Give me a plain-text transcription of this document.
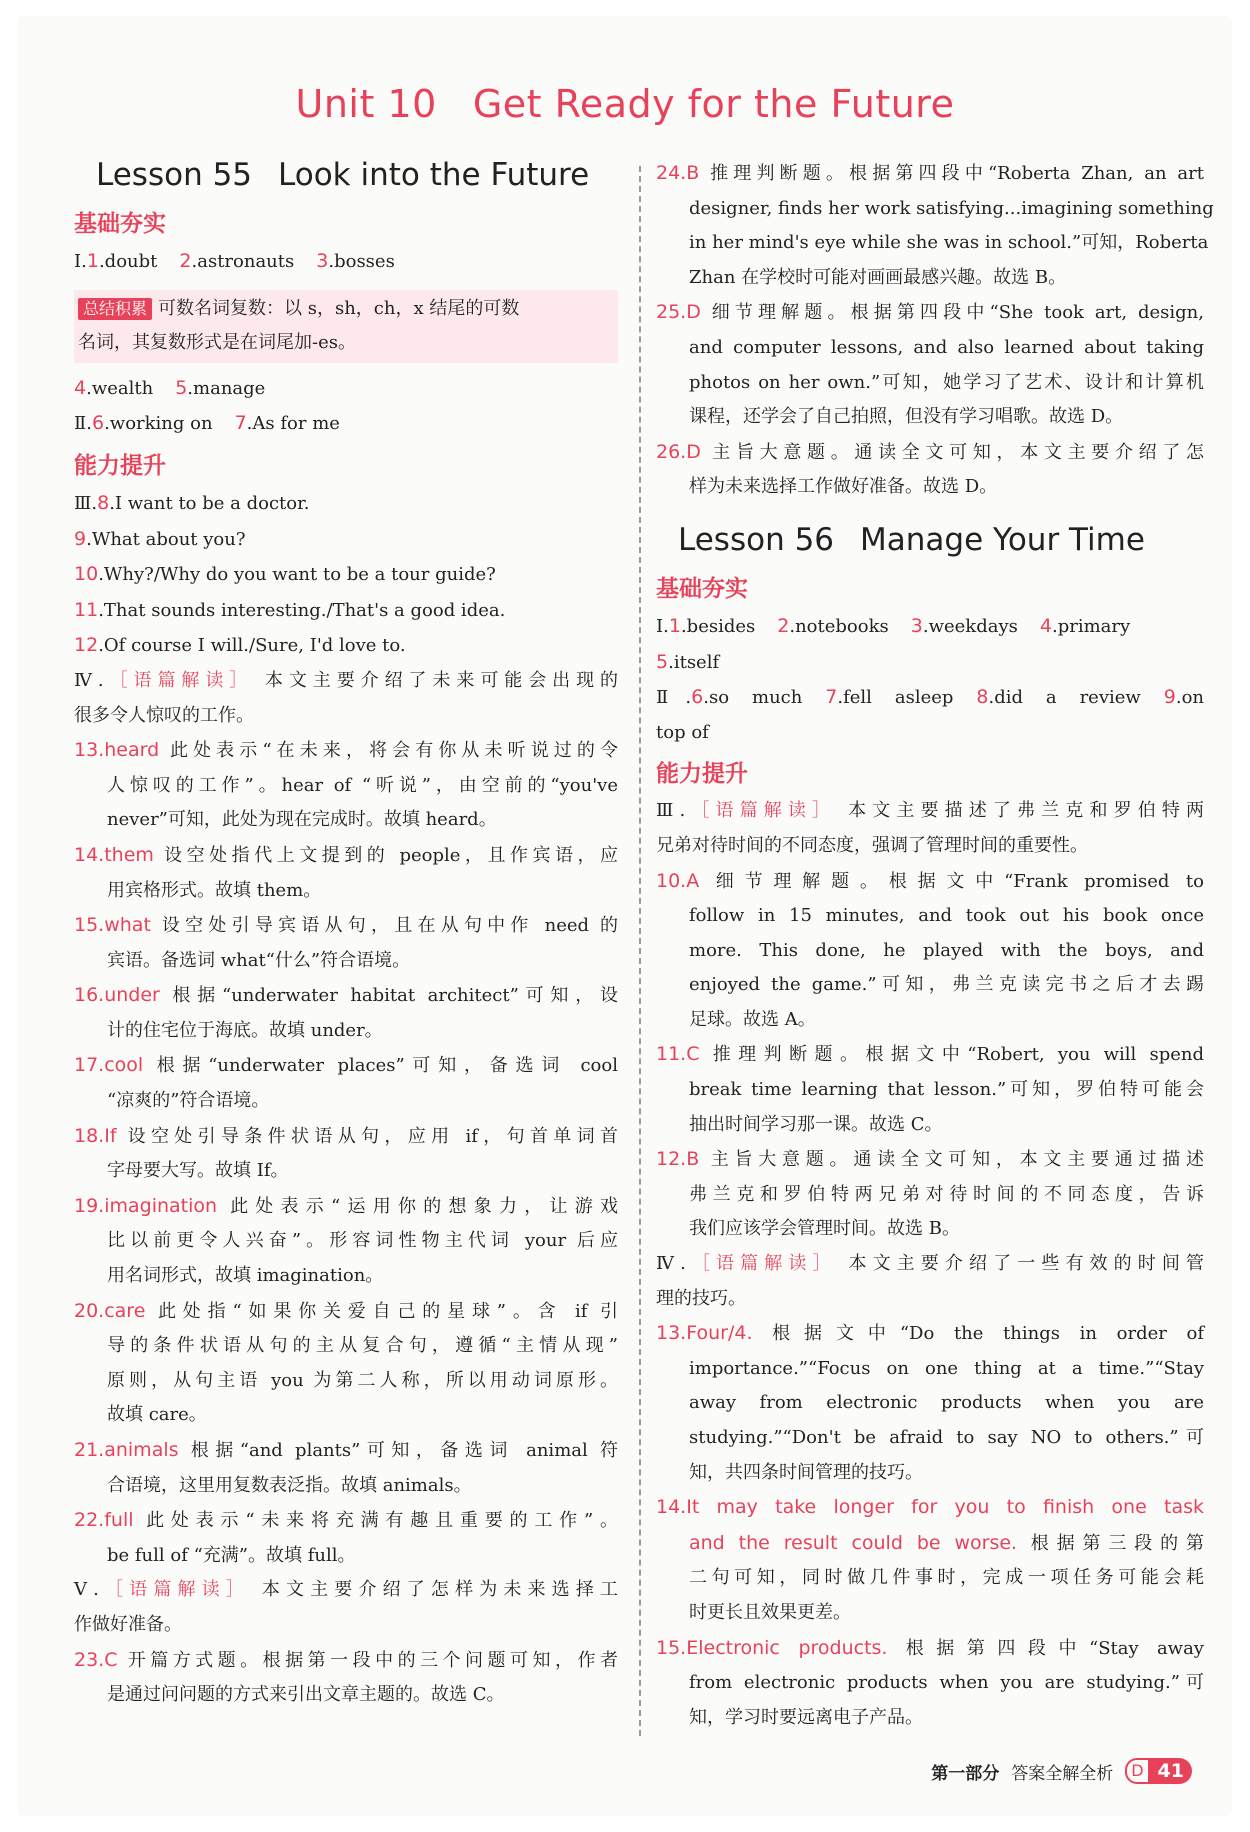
Unit 10 Get Ready for the Future
Lesson 55 Look into the Future
基础夯实
Ⅰ.1.doubt 2.astronauts 3.bosses
总结积累 可数名词复数：以 s，sh，ch，x 结尾的可数
名词，其复数形式是在词尾加-es。
4.wealth 5.manage
Ⅱ.6.working on 7.As for me
能力提升
Ⅲ.8.I want to be a doctor.
9.What about you?
10.Why?/Why do you want to be a tour guide?
11.That sounds interesting./That's a good idea.
12.Of course I will./Sure, I'd love to.
Ⅳ.［语篇解读］ 本文主要介绍了未来可能会出现的
很多令人惊叹的工作。
13.heard 此处表示“在未来，将会有你从未听说过的令
人惊叹的工作”。hear of “听说”，由空前的“you've
never”可知，此处为现在完成时。故填 heard。
14.them 设空处指代上文提到的 people，且作宾语，应
用宾格形式。故填 them。
15.what 设空处引导宾语从句，且在从句中作 need 的
宾语。备选词 what“什么”符合语境。
16.under 根据“underwater habitat architect”可知，设
计的住宅位于海底。故填 under。
17.cool 根据“underwater places”可知，备选词 cool
“凉爽的”符合语境。
18.If 设空处引导条件状语从句，应用 if，句首单词首
字母要大写。故填 If。
19.imagination 此处表示“运用你的想象力，让游戏
比以前更令人兴奋”。形容词性物主代词 your 后应
用名词形式，故填 imagination。
20.care 此处指“如果你关爱自己的星球”。含 if 引
导的条件状语从句的主从复合句，遵循“主情从现”
原则，从句主语 you 为第二人称，所以用动词原形。
故填 care。
21.animals 根据“and plants”可知，备选词 animal 符
合语境，这里用复数表泛指。故填 animals。
22.full 此处表示“未来将充满有趣且重要的工作”。
be full of “充满”。故填 full。
Ⅴ.［语篇解读］ 本文主要介绍了怎样为未来选择工
作做好准备。
23.C 开篇方式题。根据第一段中的三个问题可知，作者
是通过问问题的方式来引出文章主题的。故选 C。
24.B 推理判断题。根据第四段中“Roberta Zhan, an art
designer, finds her work satisfying...imagining something
in her mind's eye while she was in school.”可知，Roberta
Zhan 在学校时可能对画画最感兴趣。故选 B。
25.D 细节理解题。根据第四段中“She took art, design,
and computer lessons, and also learned about taking
photos on her own.”可知，她学习了艺术、设计和计算机
课程，还学会了自己拍照，但没有学习唱歌。故选 D。
26.D 主旨大意题。通读全文可知，本文主要介绍了怎
样为未来选择工作做好准备。故选 D。
Lesson 56 Manage Your Time
基础夯实
Ⅰ.1.besides 2.notebooks 3.weekdays 4.primary
5.itself
Ⅱ.6.so much 7.fell asleep 8.did a review 9.on
top of
能力提升
Ⅲ.［语篇解读］ 本文主要描述了弗兰克和罗伯特两
兄弟对待时间的不同态度，强调了管理时间的重要性。
10.A 细节理解题。根据文中“Frank promised to
follow in 15 minutes, and took out his book once
more. This done, he played with the boys, and
enjoyed the game.”可知，弗兰克读完书之后才去踢
足球。故选 A。
11.C 推理判断题。根据文中“Robert, you will spend
break time learning that lesson.”可知，罗伯特可能会
抽出时间学习那一课。故选 C。
12.B 主旨大意题。通读全文可知，本文主要通过描述
弗兰克和罗伯特两兄弟对待时间的不同态度，告诉
我们应该学会管理时间。故选 B。
Ⅳ.［语篇解读］ 本文主要介绍了一些有效的时间管
理的技巧。
13.Four/4. 根据文中“Do the things in order of
importance.”“Focus on one thing at a time.”“Stay
away from electronic products when you are
studying.”“Don't be afraid to say NO to others.”可
知，共四条时间管理的技巧。
14.It may take longer for you to finish one task
and the result could be worse. 根据第三段的第
二句可知，同时做几件事时，完成一项任务可能会耗
时更长且效果更差。
15.Electronic products. 根据第四段中“Stay away
from electronic products when you are studying.”可
知，学习时要远离电子产品。
第一部分 答案全解全析	D 41
